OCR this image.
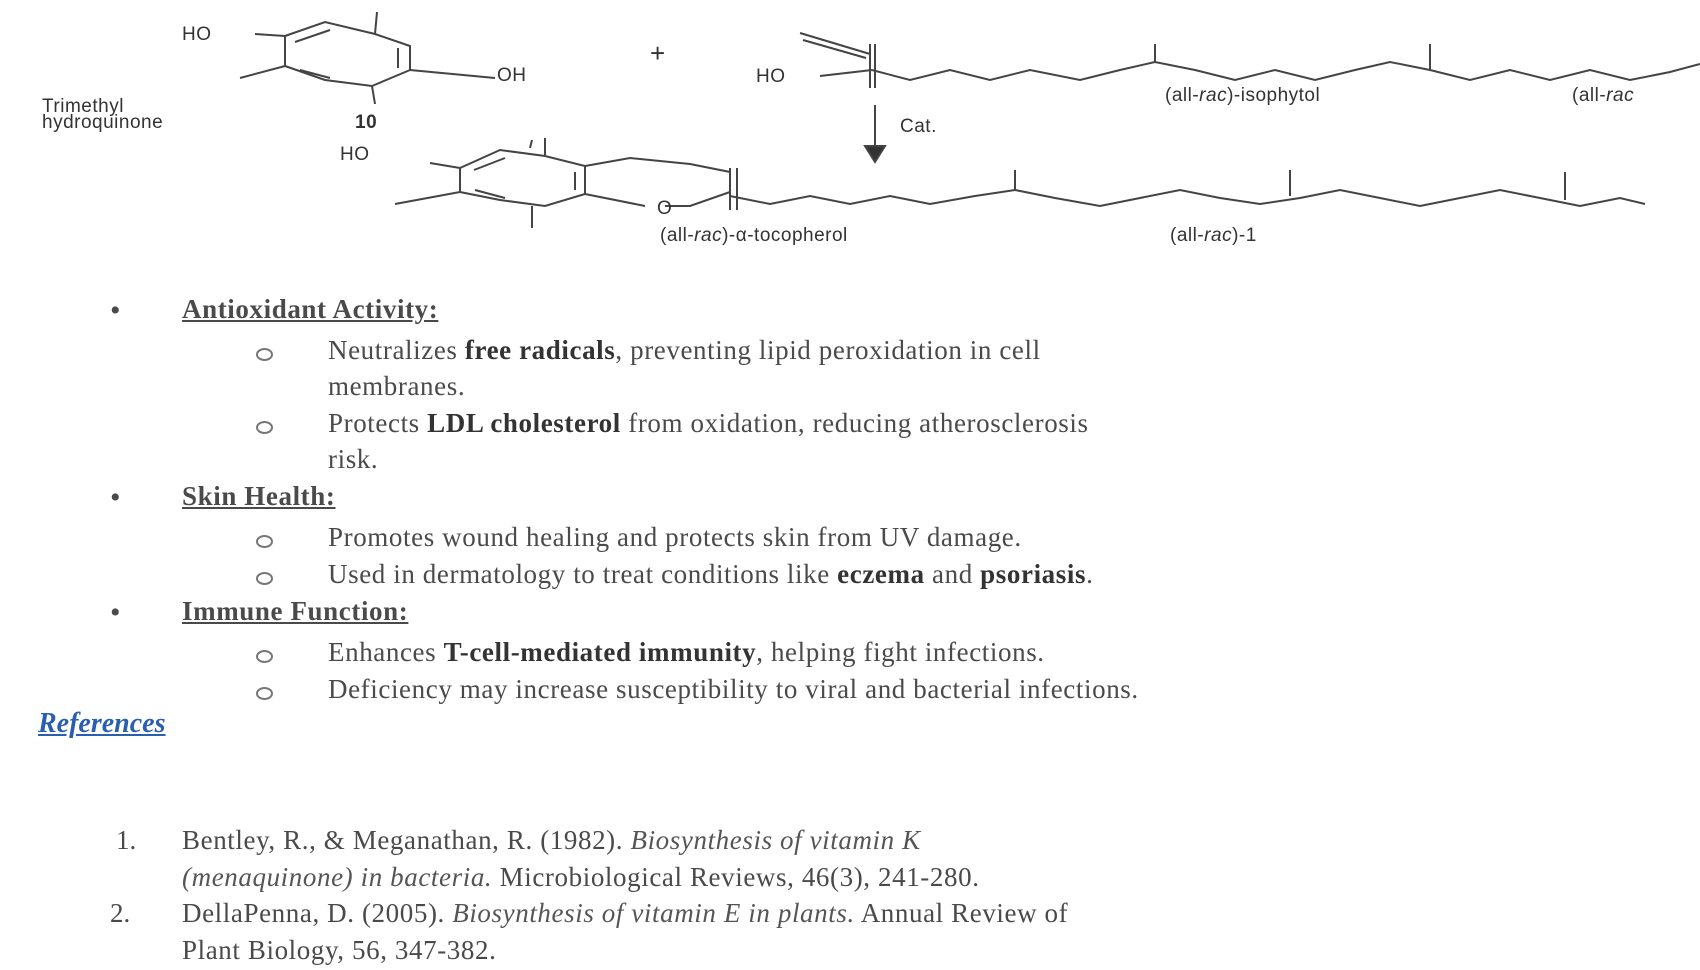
HO
OH
Trimethyl
hydroquinone	10
+
HO
(all-rac)-isophytol	(all-rac
Cat.
HO
O
(all-rac)-α-tocopherol	(all-rac)-1
• Antioxidant Activity:
Neutralizes free radicals, preventing lipid peroxidation in cell
membranes.
Protects LDL cholesterol from oxidation, reducing atherosclerosis
risk.
• Skin Health:
Promotes wound healing and protects skin from UV damage.
Used in dermatology to treat conditions like eczema and psoriasis.
• Immune Function:
Enhances T-cell-mediated immunity, helping fight infections.
Deficiency may increase susceptibility to viral and bacterial infections.
References
1. Bentley, R., & Meganathan, R. (1982). Biosynthesis of vitamin K
(menaquinone) in bacteria. Microbiological Reviews, 46(3), 241-280.
2. DellaPenna, D. (2005). Biosynthesis of vitamin E in plants. Annual Review of
Plant Biology, 56, 347-382.
